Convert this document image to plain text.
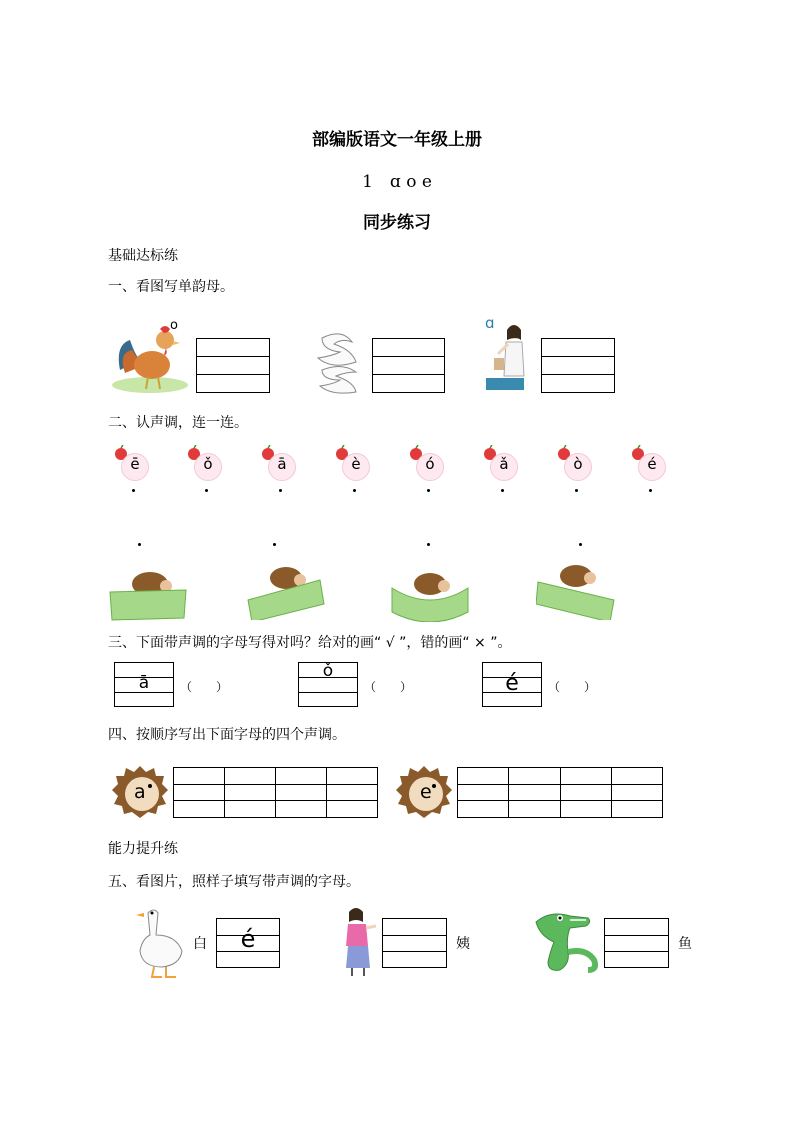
部编版语文一年级上册
1　ɑ o e
同步练习
基础达标练
一、看图写单韵母。
o	ɑ
二、认声调，连一连。
ē	ǒ	ā	è	ó	ǎ	ò	é
三、下面带声调的字母写得对吗？给对的画“ √ ”，错的画“ × ”。
ā	（　　）
ǒ
（　　）	é	（　　）
四、按顺序写出下面字母的四个声调。
a	e
能力提升练
五、看图片，照样子填写带声调的字母。
白	é	姨	鱼
